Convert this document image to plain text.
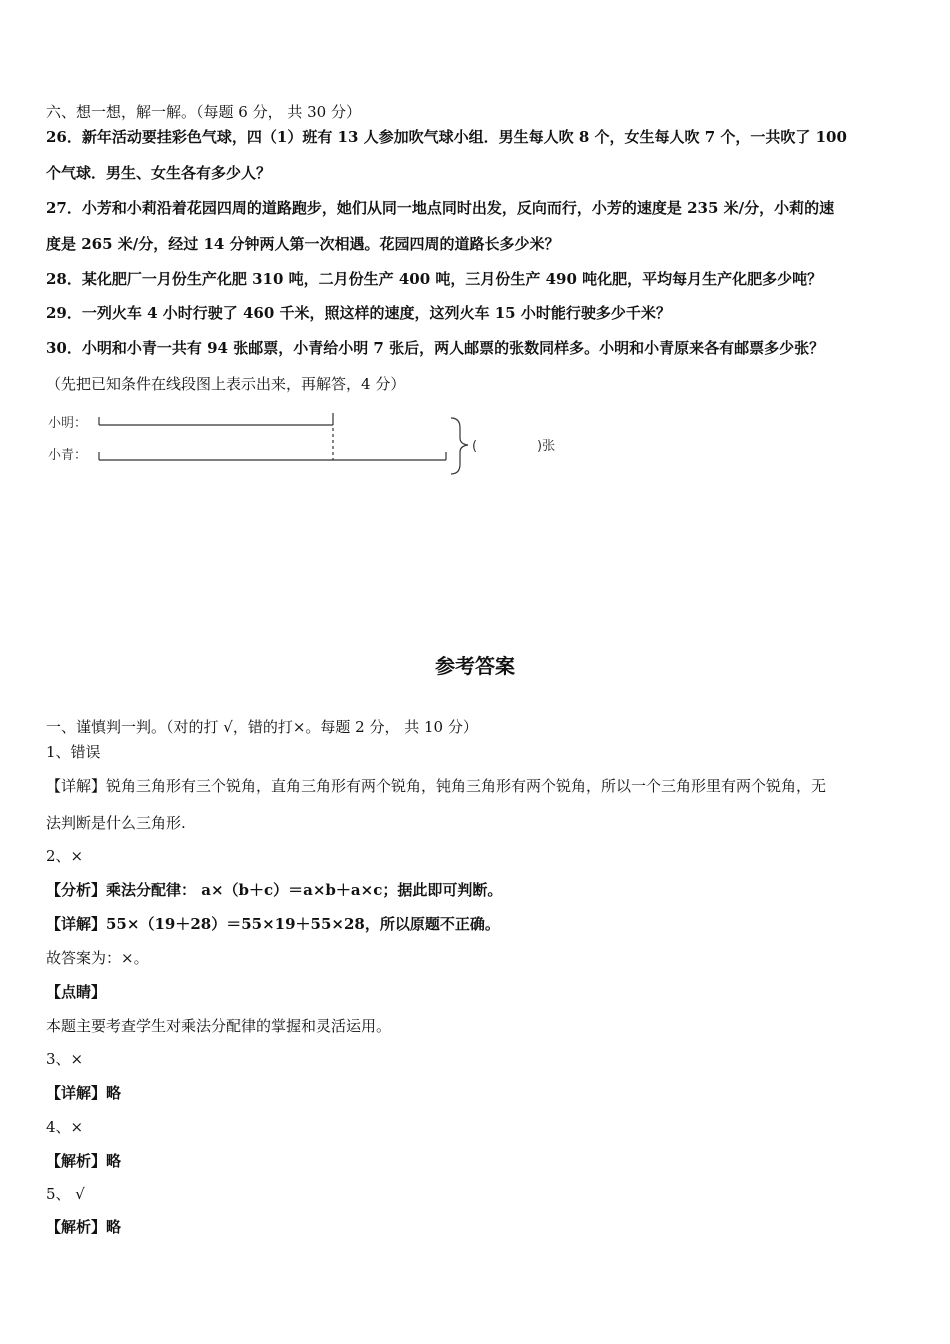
六、想一想，解一解。（每题 6 分， 共 30 分）
26．新年活动要挂彩色气球，四（1）班有 13 人参加吹气球小组．男生每人吹 8 个，女生每人吹 7 个，一共吹了 100
个气球．男生、女生各有多少人？
27．小芳和小莉沿着花园四周的道路跑步，她们从同一地点同时出发，反向而行，小芳的速度是 235 米/分，小莉的速
度是 265 米/分，经过 14 分钟两人第一次相遇。花园四周的道路长多少米？
28．某化肥厂一月份生产化肥 310 吨，二月份生产 400 吨，三月份生产 490 吨化肥，平均每月生产化肥多少吨？
29．一列火车 4 小时行驶了 460 千米，照这样的速度，这列火车 15 小时能行驶多少千米？
30．小明和小青一共有 94 张邮票，小青给小明 7 张后，两人邮票的张数同样多。小明和小青原来各有邮票多少张？
（先把已知条件在线段图上表示出来，再解答，4 分）
小明：
小青：
(	)张
参考答案
一、谨慎判一判。（对的打 √，错的打×。每题 2 分， 共 10 分）
1、错误
【详解】锐角三角形有三个锐角，直角三角形有两个锐角，钝角三角形有两个锐角，所以一个三角形里有两个锐角，无
法判断是什么三角形.
2、×
【分析】乘法分配律： a×（b＋c）＝a×b＋a×c；据此即可判断。
【详解】55×（19＋28）＝55×19＋55×28，所以原题不正确。
故答案为：×。
【点睛】
本题主要考查学生对乘法分配律的掌握和灵活运用。
3、×
【详解】略
4、×
【解析】略
5、 √
【解析】略
